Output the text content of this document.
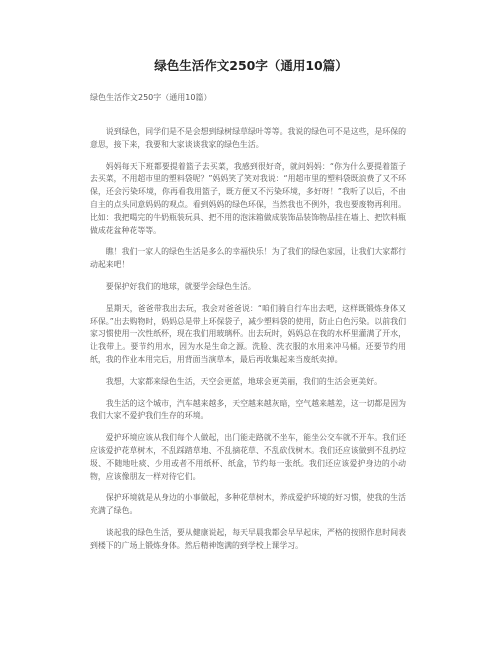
绿色生活作文250字（通用10篇）
绿色生活作文250字（通用10篇）

说到绿色，同学们是不是会想到绿树绿草绿叶等等。我说的绿色可不是这些，是环保的意思，接下来，我要和大家谈谈我家的绿色生活。

妈妈每天下班都要提着篮子去买菜，我感到很好奇，就问妈妈：“你为什么要提着篮子去买菜，不用超市里的塑料袋呢？”妈妈笑了笑对我说：“用超市里的塑料袋既浪费了又不环保，还会污染环境，你再看我用篮子，既方便又不污染环境，多好呀！”我听了以后，不由自主的点头同意妈妈的观点。看到妈妈的绿色环保，当然我也不例外，我也要废物再利用。比如：我把喝完的牛奶瓶装玩具、把不用的泡沫箱做成装饰品装饰物品挂在墙上、把饮料瓶做成花盆种花等等。

瞧！我们一家人的绿色生活是多么的幸福快乐！为了我们的绿色家园，让我们大家都行动起来吧！

要保护好我们的地球，就要学会绿色生活。

星期天，爸爸带我出去玩，我会对爸爸说：“咱们骑自行车出去吧，这样既锻炼身体又环保。”出去购物时，妈妈总是带上环保袋子，减少塑料袋的使用，防止白色污染。以前我们家习惯使用一次性纸杯，现在我们用玻璃杯。出去玩时，妈妈总在我的水杯里灌满了开水，让我带上。要节约用水，因为水是生命之源。洗脸、洗衣服的水用来冲马桶。还要节约用纸，我的作业本用完后，用背面当演草本，最后再收集起来当废纸卖掉。

我想，大家都来绿色生活，天空会更蓝，地球会更美丽，我们的生活会更美好。

我生活的这个城市，汽车越来越多，天空越来越灰暗，空气越来越差，这一切都是因为我们大家不爱护我们生存的环境。

爱护环境应该从我们每个人做起，出门能走路就不坐车，能坐公交车就不开车。我们还应该爱护花草树木，不乱踩踏草地、不乱摘花草、不乱砍伐树木。我们还应该做到不乱扔垃圾、不随地吐痰、少用或者不用纸杯、纸盒，节约每一张纸。我们还应该爱护身边的小动物，应该像朋友一样对待它们。

保护环境就是从身边的小事做起，多种花草树木，养成爱护环境的好习惯，使我的生活充满了绿色。

谈起我的绿色生活，要从健康说起，每天早晨我都会早早起床，严格的按照作息时间表到楼下的广场上锻炼身体。然后精神饱满的到学校上课学习。
